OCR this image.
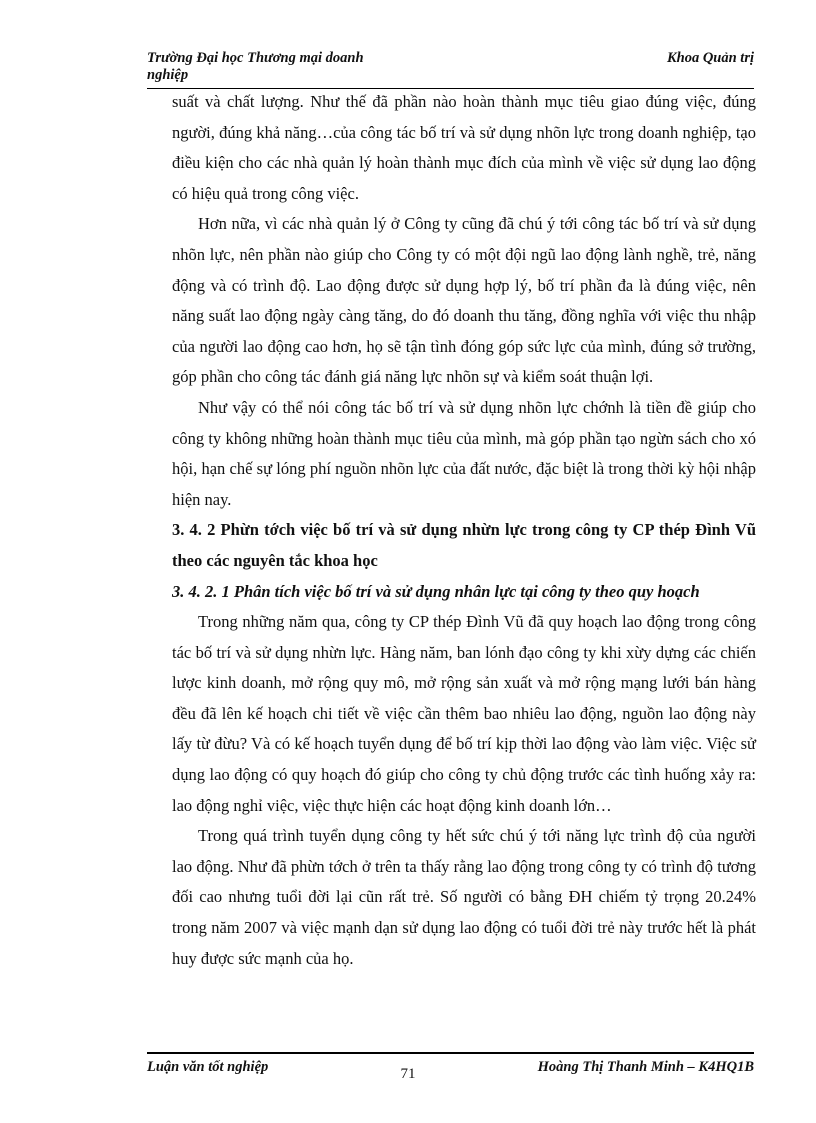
Trường Đại học Thương mại doanh nghiệp
Khoa Quản trị

suất và chất lượng. Như thế đã phần nào hoàn thành mục tiêu giao đúng việc, đúng người, đúng khả năng…của công tác bố trí và sử dụng nhõn lực trong doanh nghiệp, tạo điều kiện cho các nhà quản lý hoàn thành mục đích của mình về việc sử dụng lao động có hiệu quả trong công việc.

Hơn nữa, vì các nhà quản lý ở Công ty cũng đã chú ý tới công tác bố trí và sử dụng nhõn lực, nên phần nào giúp cho Công ty có một đội ngũ lao động lành nghề, trẻ, năng động và có trình độ. Lao động được sử dụng hợp lý, bố trí phần đa là đúng việc, nên năng suất lao động ngày càng tăng, do đó doanh thu tăng, đồng nghĩa với việc thu nhập của người lao động cao hơn, họ sẽ tận tình đóng góp sức lực của mình, đúng sở trường, góp phần cho công tác đánh giá năng lực nhõn sự và kiểm soát thuận lợi.

Như vậy có thể nói công tác bố trí và sử dụng nhõn lực chớnh là tiền đề giúp cho công ty không những hoàn thành mục tiêu của mình, mà góp phần tạo ngừn sách cho xó hội, hạn chế sự lóng phí nguồn nhõn lực của đất nước, đặc biệt là trong thời kỳ hội nhập hiện nay.

3. 4. 2 Phừn tớch việc bố trí và sử dụng nhừn lực trong công ty CP thép Đình Vũ theo các nguyên tắc khoa học

3. 4. 2. 1 Phân tích việc bố trí và sử dụng nhân lực tại công ty theo quy hoạch

Trong những năm qua, công ty CP thép Đình Vũ đã quy hoạch lao động trong công tác bố trí và sử dụng nhừn lực. Hàng năm, ban lónh đạo công ty khi xừy dựng các chiến lược kinh doanh, mở rộng quy mô, mở rộng sản xuất và mở rộng mạng lưới bán hàng đều đã lên kế hoạch chi tiết về việc cần thêm bao nhiêu lao động, nguồn lao động này lấy từ đừu? Và có kế hoạch tuyển dụng để bố trí kịp thời lao động vào làm việc. Việc sử dụng lao động có quy hoạch đó giúp cho công ty chủ động trước các tình huống xảy ra: lao động nghỉ việc, việc thực hiện các hoạt động kinh doanh lớn…

Trong quá trình tuyển dụng công ty hết sức chú ý tới năng lực trình độ của người lao động. Như đã phừn tớch ở trên ta thấy rằng lao động trong công ty có trình độ tương đối cao nhưng tuổi đời lại cũn rất trẻ. Số người có bằng ĐH chiếm tỷ trọng 20.24% trong năm 2007 và việc mạnh dạn sử dụng lao động có tuổi đời trẻ này trước hết là phát huy được sức mạnh của họ.

Luận văn tốt nghiệp	71	Hoàng Thị Thanh Minh – K4HQ1B
